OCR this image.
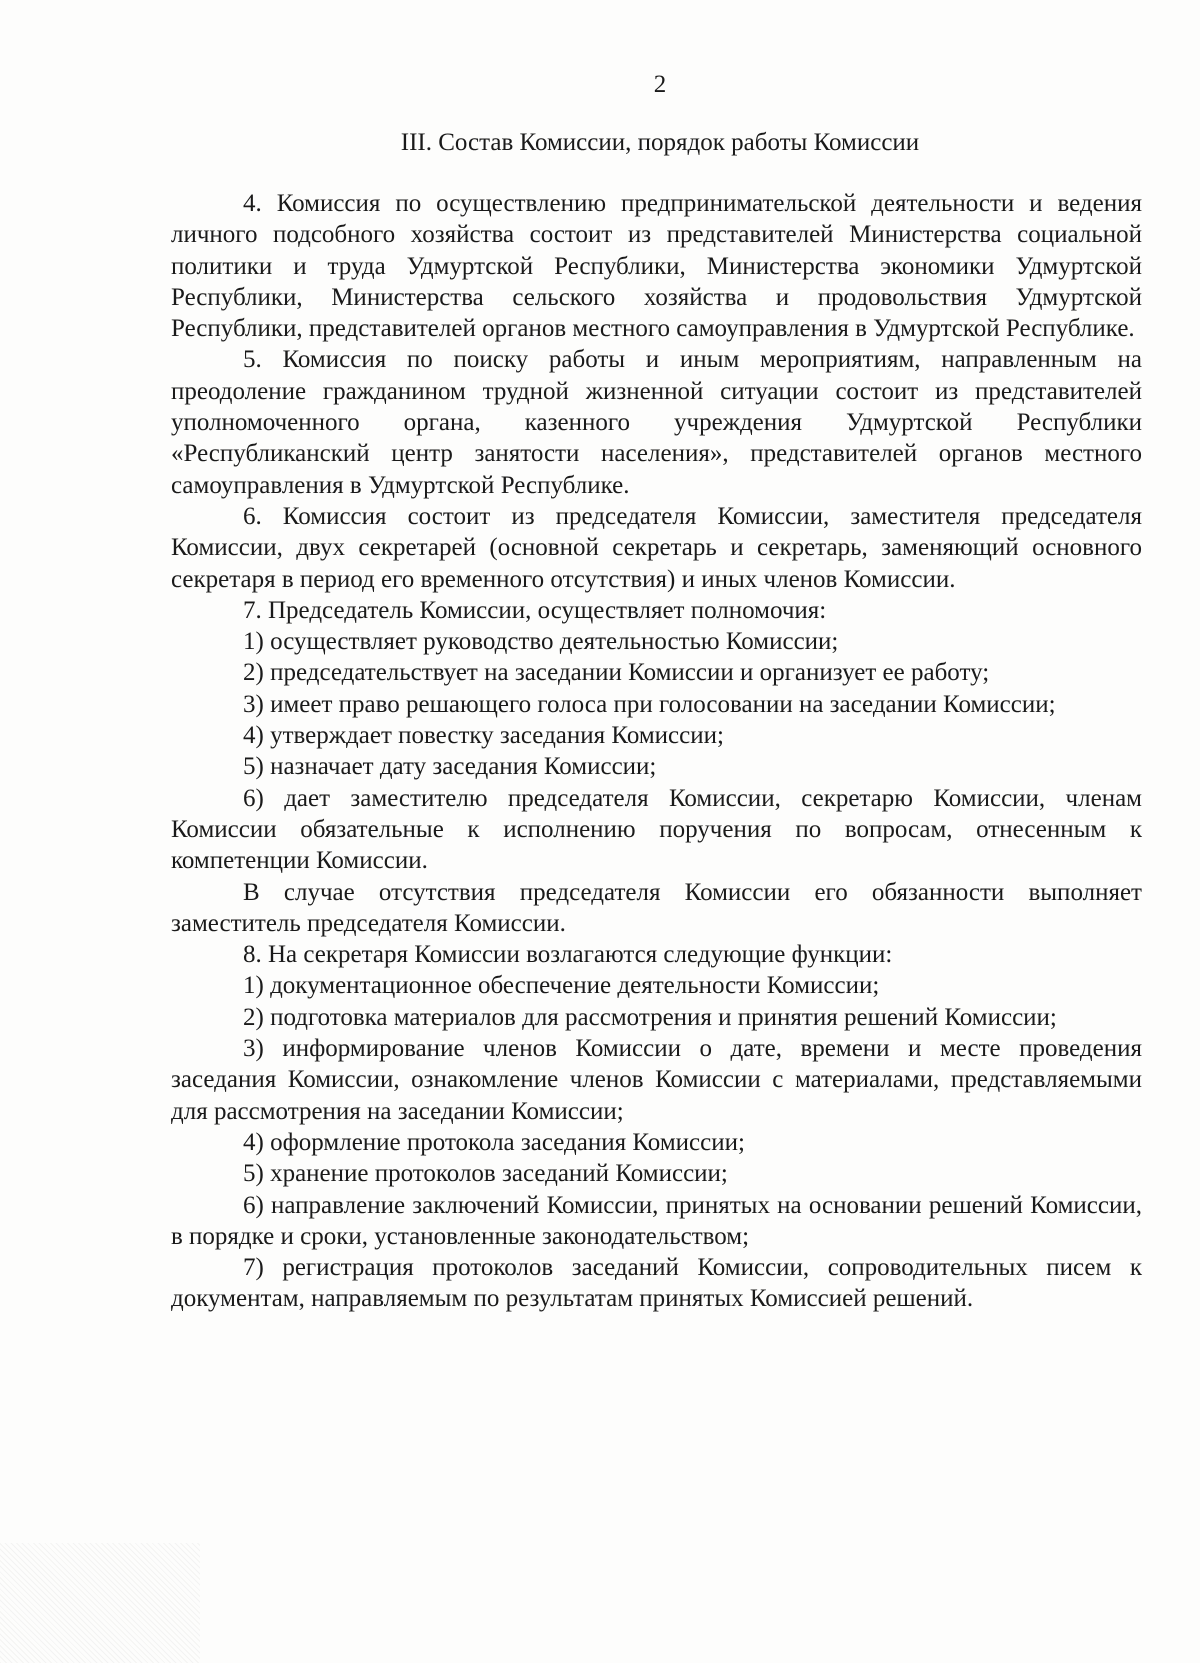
2
III. Состав Комиссии, порядок работы Комиссии

4. Комиссия по осуществлению предпринимательской деятельности и ведения личного подсобного хозяйства состоит из представителей Министерства социальной политики и труда Удмуртской Республики, Министерства экономики Удмуртской Республики, Министерства сельского хозяйства и продовольствия Удмуртской Республики, представителей органов местного самоуправления в Удмуртской Республике.

5. Комиссия по поиску работы и иным мероприятиям, направленным на преодоление гражданином трудной жизненной ситуации состоит из представителей уполномоченного органа, казенного учреждения Удмуртской Республики «Республиканский центр занятости населения», представителей органов местного самоуправления в Удмуртской Республике.

6. Комиссия состоит из председателя Комиссии, заместителя председателя Комиссии, двух секретарей (основной секретарь и секретарь, заменяющий основного секретаря в период его временного отсутствия) и иных членов Комиссии.

7. Председатель Комиссии, осуществляет полномочия:

1) осуществляет руководство деятельностью Комиссии;

2) председательствует на заседании Комиссии и организует ее работу;

3) имеет право решающего голоса при голосовании на заседании Комиссии;

4) утверждает повестку заседания Комиссии;

5) назначает дату заседания Комиссии;

6) дает заместителю председателя Комиссии, секретарю Комиссии, членам Комиссии обязательные к исполнению поручения по вопросам, отнесенным к компетенции Комиссии.

В случае отсутствия председателя Комиссии его обязанности выполняет заместитель председателя Комиссии.

8. На секретаря Комиссии возлагаются следующие функции:

1) документационное обеспечение деятельности Комиссии;

2) подготовка материалов для рассмотрения и принятия решений Комиссии;

3) информирование членов Комиссии о дате, времени и месте проведения заседания Комиссии, ознакомление членов Комиссии с материалами, представляемыми для рассмотрения на заседании Комиссии;

4) оформление протокола заседания Комиссии;

5) хранение протоколов заседаний Комиссии;

6) направление заключений Комиссии, принятых на основании решений Комиссии, в порядке и сроки, установленные законодательством;

7) регистрация протоколов заседаний Комиссии, сопроводительных писем к документам, направляемым по результатам принятых Комиссией решений.
